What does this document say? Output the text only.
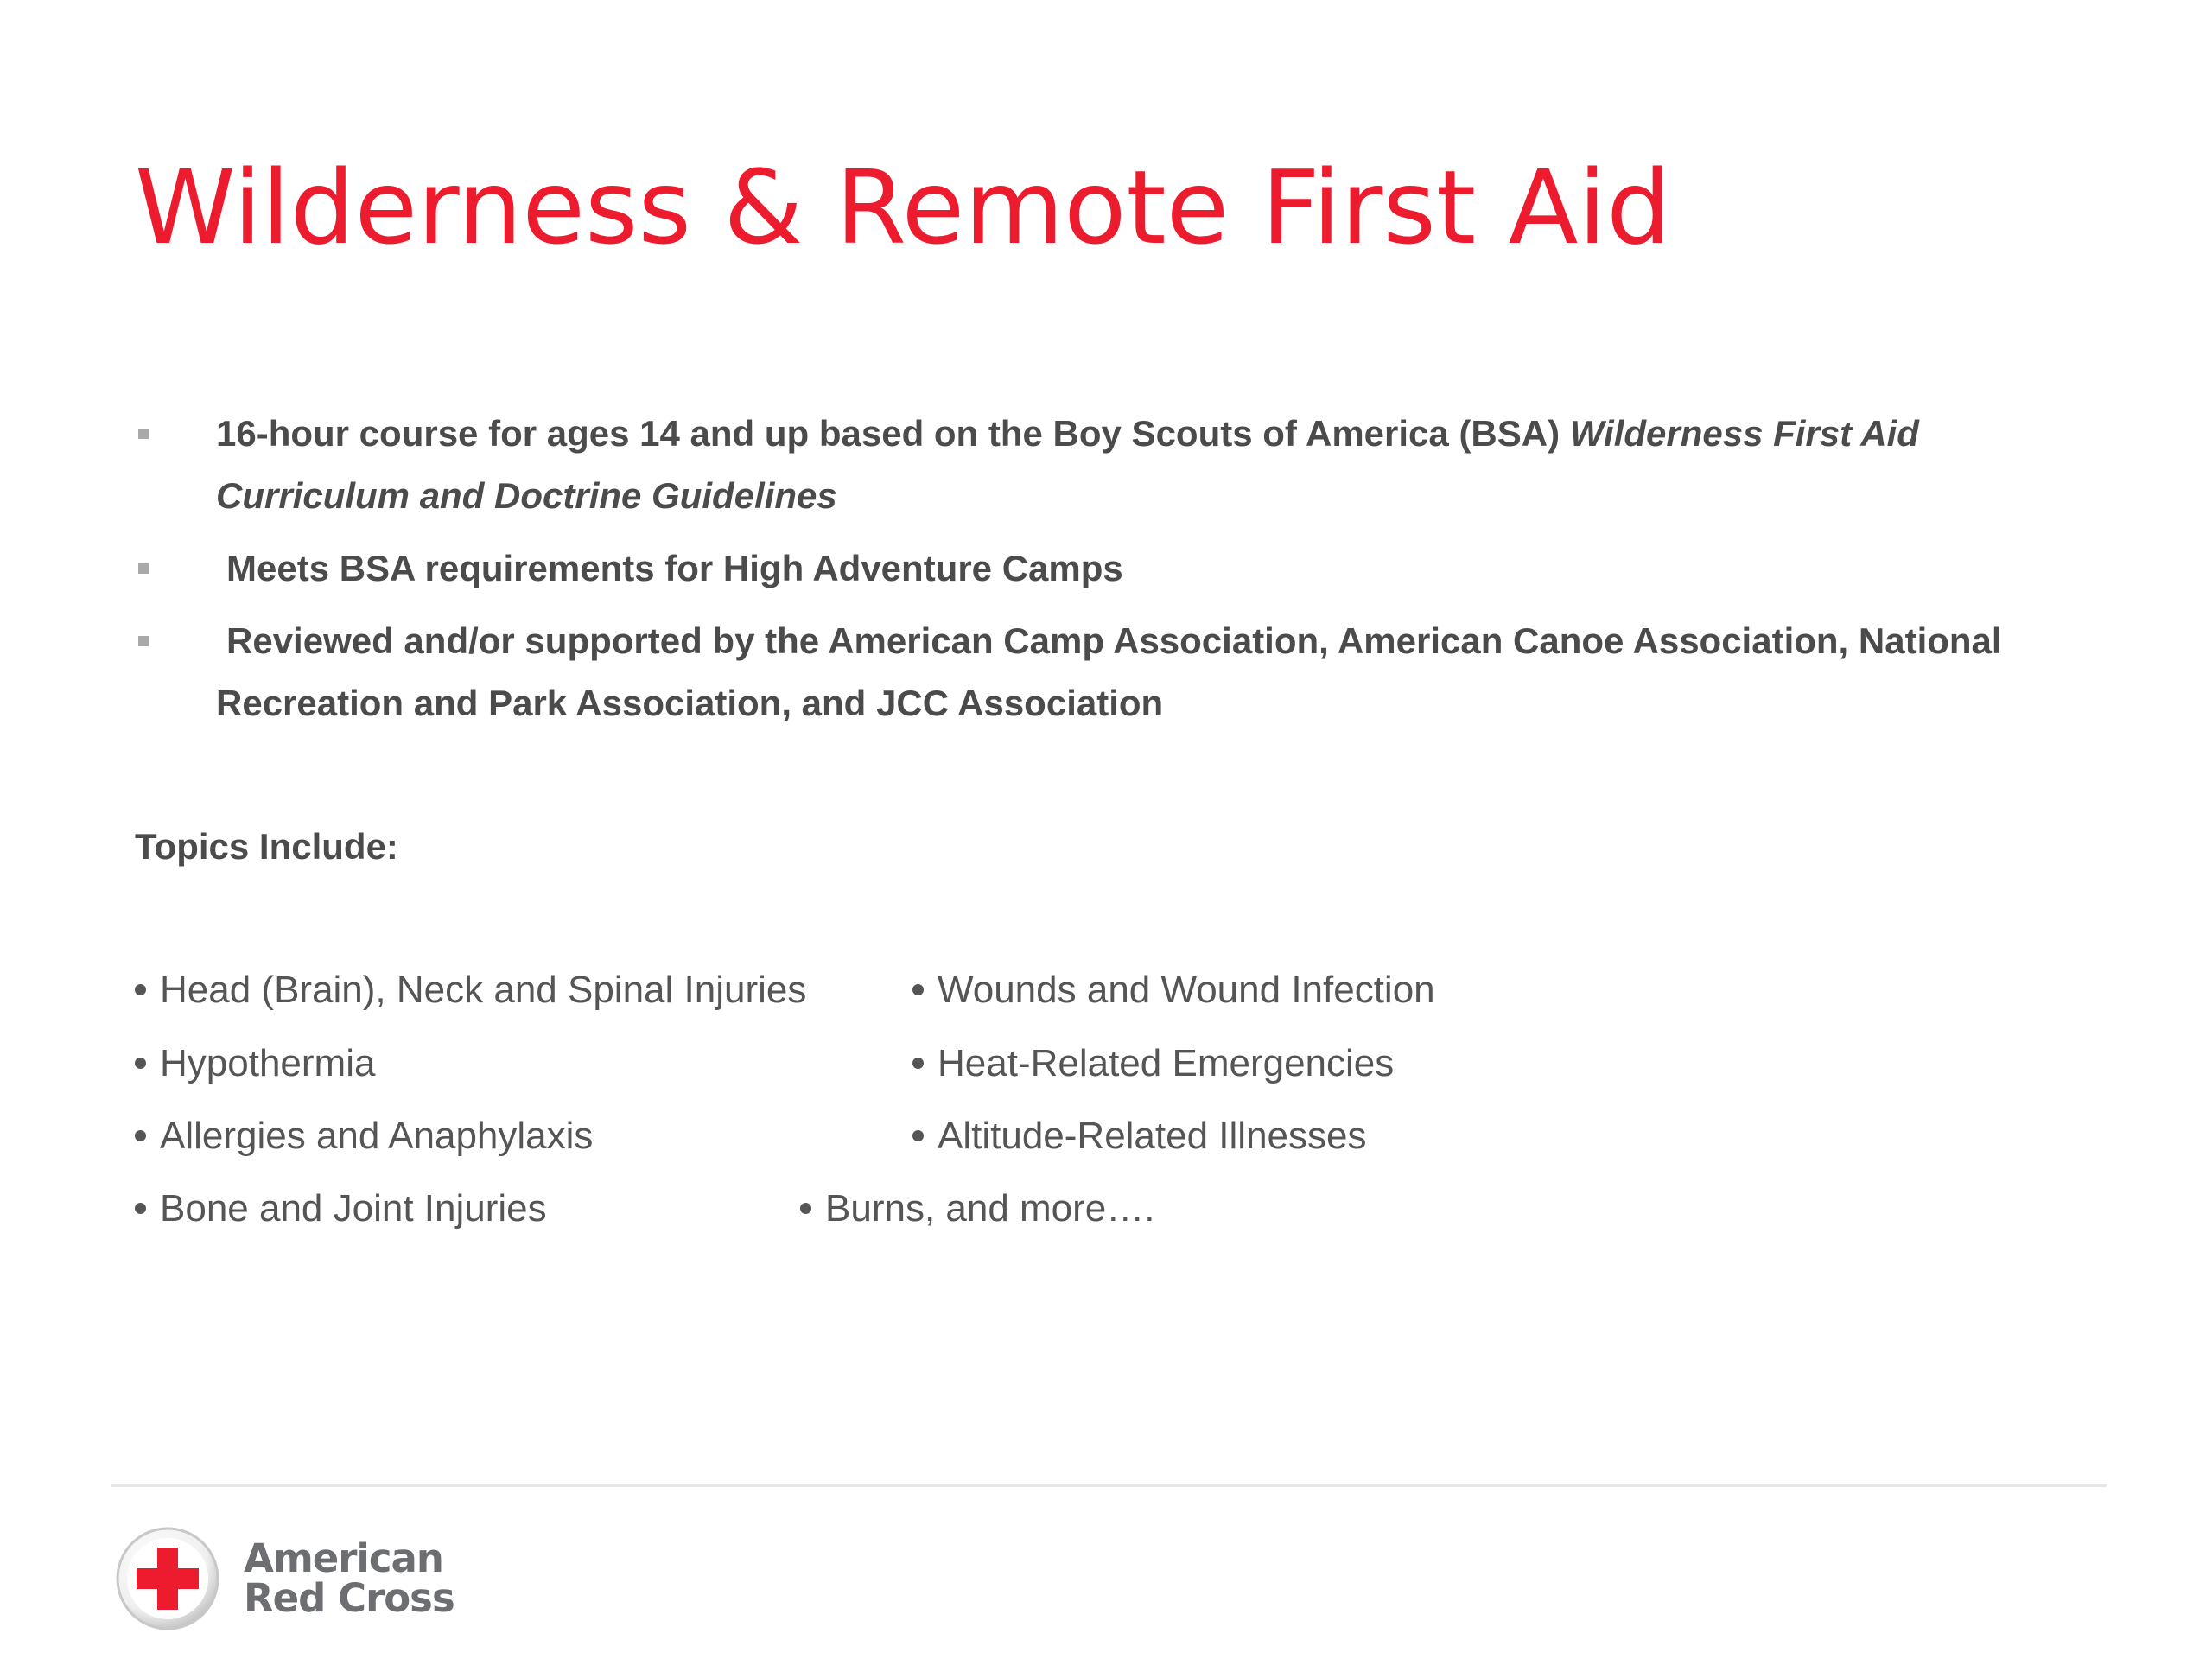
Wilderness & Remote First Aid
16-hour course for ages 14 and up based on the Boy Scouts of America (BSA) Wilderness First Aid Curriculum and Doctrine Guidelines
Meets BSA requirements for High Adventure Camps
Reviewed and/or supported by the American Camp Association, American Canoe Association, National Recreation and Park Association, and JCC Association
Topics Include:
Head (Brain), Neck and Spinal Injuries
Hypothermia
Allergies and Anaphylaxis
Bone and Joint Injuries
Wounds and Wound Infection
Heat-Related Emergencies
Altitude-Related Illnesses
Burns, and more….
American
Red Cross
